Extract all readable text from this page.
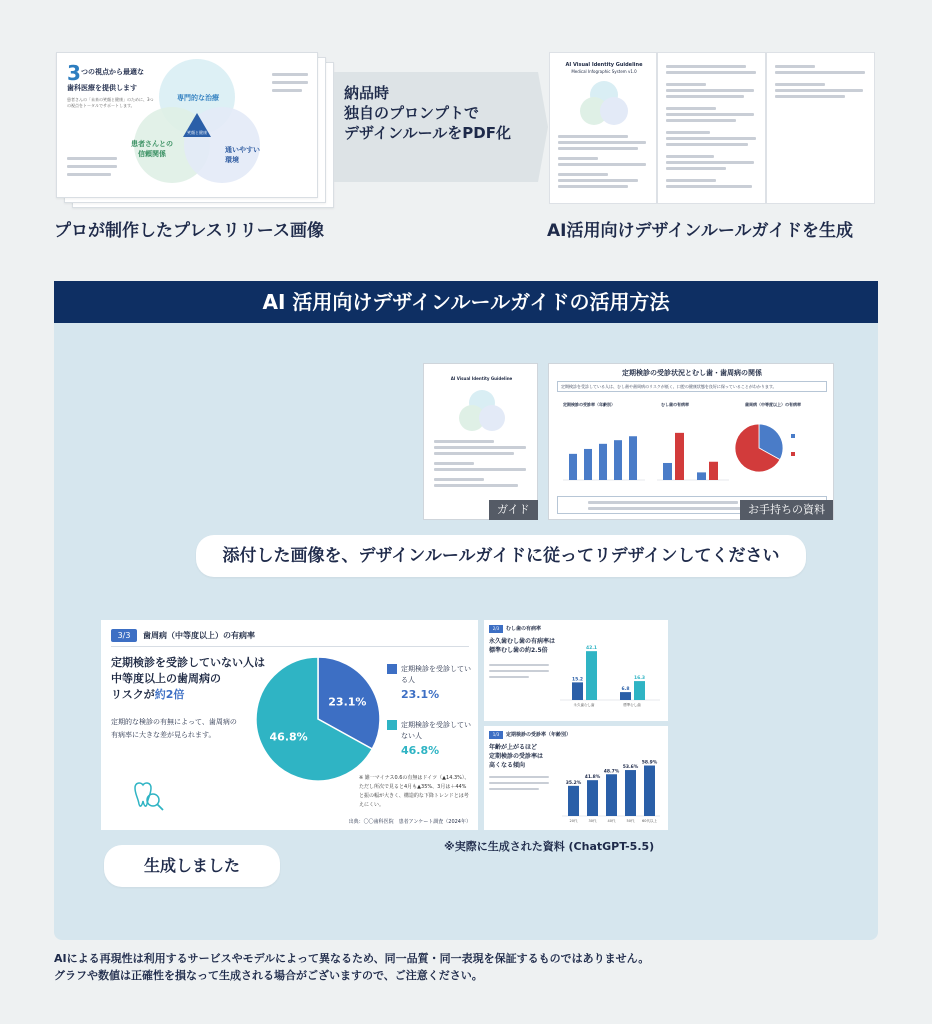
3 つの視点から最適な
歯科医療を提供します
患者さんの「未来の笑顔と健康」のために、3つの視点をトータルでサポートします。
専門的な治療
患者さんとの信頼関係	通いやすい環境
笑顔と健康
プロが制作したプレスリリース画像
納品時
独自のプロンプトで
デザインルールをPDF化
AI Visual Identity Guideline
Medical Infographic System v1.0
AI活用向けデザインルールガイドを生成
AI 活用向けデザインルールガイドの活用方法
AI Visual Identity Guideline
ガイド
定期検診の受診状況とむし歯・歯周病の関係
定期検診を受診している人は、むし歯や歯周病のリスクが低く、口腔の健康状態を良好に保っていることがわかります。
定期検診の受診率（年齢別）	むし歯の有病率	歯周病（中等度以上）の有病率
お手持ちの資料
添付した画像を、デザインルールガイドに従ってリデザインしてください
3/3	歯周病（中等度以上）の有病率
定期検診を受診していない人は
中等度以上の歯周病の
リスクが約2倍
定期的な検診の有無によって、歯周病の有病率に大きな差が見られます。
23.1%
46.8%
定期検診を受診している人
23.1%
定期検診を受診していない人
46.8%
※ 雑一マイナス0.6の有無はドイツ（▲14.3%）、ただし所次で見ると4月も▲35%、3月は＋44%と振の幅が大きく、構造的な下降トレンドとは考えにくい。
出典：〇〇歯科医院　患者アンケート調査（2024年）
2/3	むし歯の有病率
永久歯むし歯の有病率は
標準むし歯の約2.5倍
15.2
42.1
永久歯むし歯
6.8
16.3
標準むし歯
1/3	定期検診の受診率（年齢別）
年齢が上がるほど
定期検診の受診率は
高くなる傾向
35.2%
20代
41.8%
30代
48.7%
40代
53.6%
50代
58.9%
60代以上
※実際に生成された資料 (ChatGPT-5.5)
生成しました
AIによる再現性は利用するサービスやモデルによって異なるため、同一品質・同一表現を保証するものではありません。
グラフや数値は正確性を損なって生成される場合がございますので、ご注意ください。
